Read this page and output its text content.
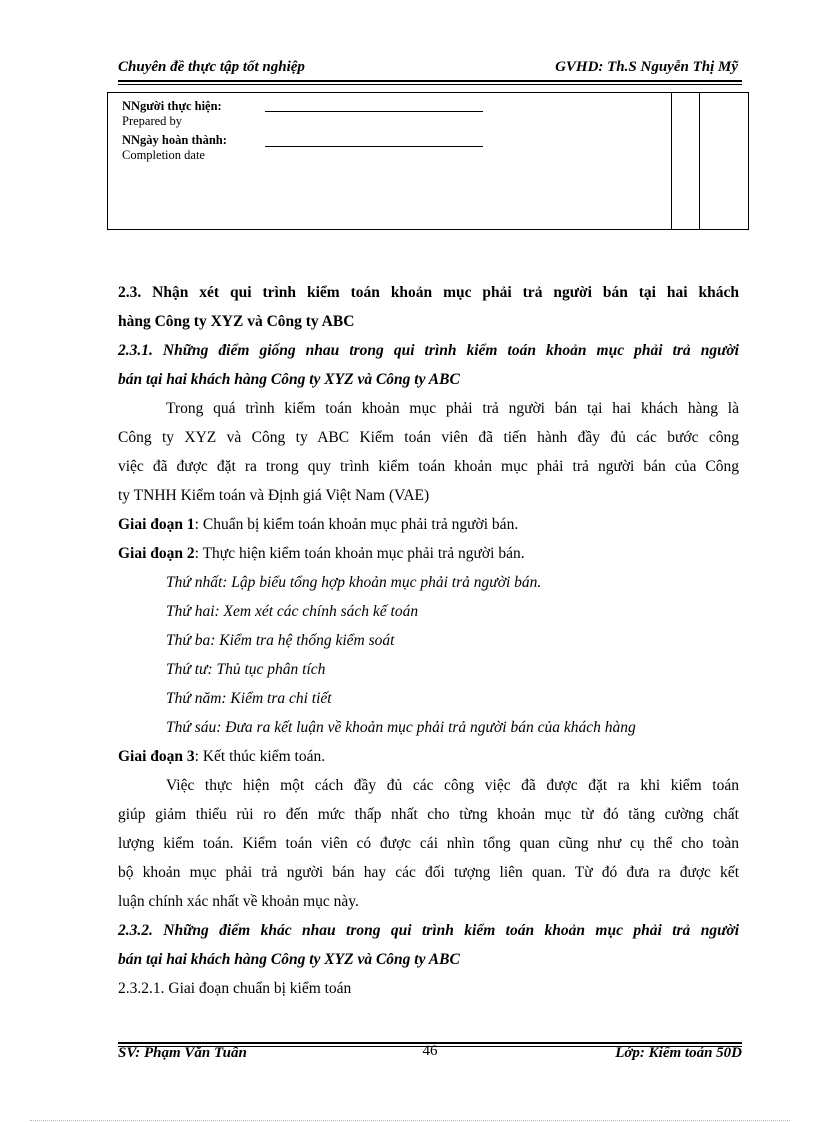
Chuyên đề thực tập tốt nghiệp	GVHD: Th.S Nguyễn Thị Mỹ
NNgười thực hiện:
Prepared by
NNgày hoàn thành:
Completion date
2.3. Nhận xét qui trình kiểm toán khoản mục phải trả người bán tại hai khách
hàng Công ty XYZ và Công ty ABC
2.3.1. Những điểm giống nhau trong qui trình kiểm toán khoản mục phải trả người
bán tại hai khách hàng Công ty XYZ và Công ty ABC
Trong quá trình kiểm toán khoản mục phải trả người bán tại hai khách hàng là
Công ty XYZ và Công ty ABC Kiểm toán viên đã tiến hành đầy đủ các bước công
việc đã được đặt ra trong quy trình kiểm toán khoản mục phải trả người bán của Công
ty TNHH Kiểm toán và Định giá Việt Nam (VAE)
Giai đoạn 1: Chuẩn bị kiểm toán khoản mục phải trả người bán.
Giai đoạn 2: Thực hiện kiểm toán khoản mục phải trả người bán.
Thứ nhất: Lập biểu tổng hợp khoản mục phải trả người bán.
Thứ hai: Xem xét các chính sách kế toán
Thứ ba: Kiểm tra hệ thống kiểm soát
Thứ tư: Thủ tục phân tích
Thứ năm: Kiểm tra chi tiết
Thứ sáu: Đưa ra kết luận về khoản mục phải trả người bán của khách hàng
Giai đoạn 3: Kết thúc kiểm toán.
Việc thực hiện một cách đầy đủ các công việc đã được đặt ra khi kiểm toán
giúp giảm thiểu rủi ro đến mức thấp nhất cho từng khoản mục từ đó tăng cường chất
lượng kiểm toán. Kiểm toán viên có được cái nhìn tổng quan cũng như cụ thể cho toàn
bộ khoản mục phải trả người bán hay các đối tượng liên quan. Từ đó đưa ra được kết
luận chính xác nhất về khoản mục này.
2.3.2. Những điểm khác nhau trong qui trình kiểm toán khoản mục phải trả người
bán tại hai khách hàng Công ty XYZ và Công ty ABC
2.3.2.1. Giai đoạn chuẩn bị kiểm toán
SV: Phạm Văn Tuân	46	Lớp: Kiểm toán 50D
